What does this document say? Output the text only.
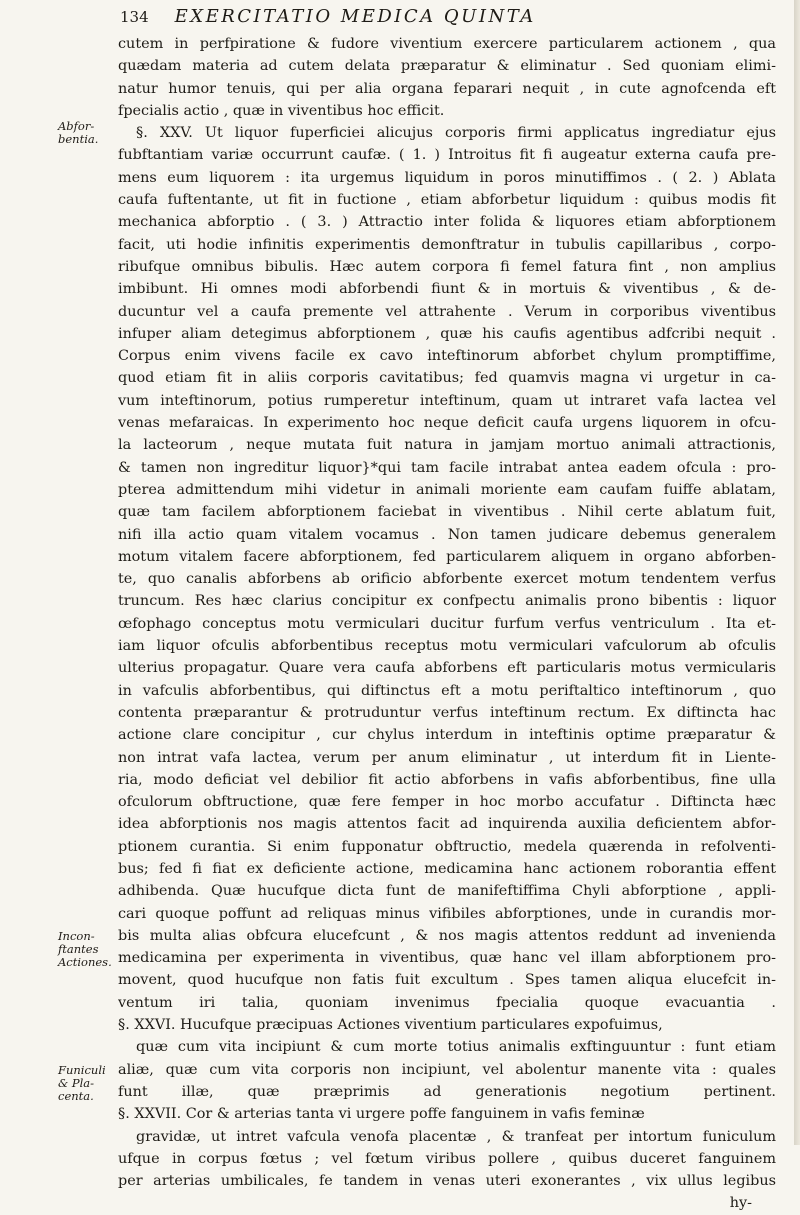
134 EXERCITATIO MEDICA QUINTA
Abfor-
bentia.
Incon-
ftantes
Actiones.
Funiculi
& Pla-
centa.
cutem in perfpiratione & fudore viventium exercere particularem actionem , qua
quædam materia ad cutem delata præparatur & eliminatur . Sed quoniam elimi-
natur humor tenuis, qui per alia organa feparari nequit , in cute agnofcenda eft
fpecialis actio , quæ in viventibus hoc efficit.
§. XXV. Ut liquor fuperficiei alicujus corporis firmi applicatus ingrediatur ejus
fubftantiam variæ occurrunt caufæ. ( 1. ) Introitus fit fi augeatur externa caufa pre-
mens eum liquorem : ita urgemus liquidum in poros minutiffimos . ( 2. ) Ablata
caufa fuftentante, ut fit in fuctione , etiam abforbetur liquidum : quibus modis fit
mechanica abforptio . ( 3. ) Attractio inter folida & liquores etiam abforptionem
facit, uti hodie infinitis experimentis demonftratur in tubulis capillaribus , corpo-
ribufque omnibus bibulis. Hæc autem corpora fi femel fatura fint , non amplius
imbibunt. Hi omnes modi abforbendi fiunt & in mortuis & viventibus , & de-
ducuntur vel a caufa premente vel attrahente . Verum in corporibus viventibus
infuper aliam detegimus abforptionem , quæ his caufis agentibus adfcribi nequit .
Corpus enim vivens facile ex cavo inteftinorum abforbet chylum promptiffime,
quod etiam fit in aliis corporis cavitatibus; fed quamvis magna vi urgetur in ca-
vum inteftinorum, potius rumperetur inteftinum, quam ut intraret vafa lactea vel
venas mefaraicas. In experimento hoc neque deficit caufa urgens liquorem in ofcu-
la lacteorum , neque mutata fuit natura in jamjam mortuo animali attractionis,
& tamen non ingreditur liquor}*qui tam facile intrabat antea eadem ofcula : pro-
pterea admittendum mihi videtur in animali moriente eam caufam fuiffe ablatam,
quæ tam facilem abforptionem faciebat in viventibus . Nihil certe ablatum fuit,
nifi illa actio quam vitalem vocamus . Non tamen judicare debemus generalem
motum vitalem facere abforptionem, fed particularem aliquem in organo abforben-
te, quo canalis abforbens ab orificio abforbente exercet motum tendentem verfus
truncum. Res hæc clarius concipitur ex confpectu animalis prono bibentis : liquor
œfophago conceptus motu vermiculari ducitur furfum verfus ventriculum . Ita et-
iam liquor ofculis abforbentibus receptus motu vermiculari vafculorum ab ofculis
ulterius propagatur. Quare vera caufa abforbens eft particularis motus vermicularis
in vafculis abforbentibus, qui diftinctus eft a motu periftaltico inteftinorum , quo
contenta præparantur & protruduntur verfus inteftinum rectum. Ex diftincta hac
actione clare concipitur , cur chylus interdum in inteftinis optime præparatur &
non intrat vafa lactea, verum per anum eliminatur , ut interdum fit in Liente-
ria, modo deficiat vel debilior fit actio abforbens in vafis abforbentibus, fine ulla
ofculorum obftructione, quæ fere femper in hoc morbo accufatur . Diftincta hæc
idea abforptionis nos magis attentos facit ad inquirenda auxilia deficientem abfor-
ptionem curantia. Si enim fupponatur obftructio, medela quærenda in refolventi-
bus; fed fi fiat ex deficiente actione, medicamina hanc actionem roborantia effent
adhibenda. Quæ hucufque dicta funt de manifeftiffima Chyli abforptione , appli-
cari quoque poffunt ad reliquas minus vifibiles abforptiones, unde in curandis mor-
bis multa alias obfcura elucefcunt , & nos magis attentos reddunt ad invenienda
medicamina per experimenta in viventibus, quæ hanc vel illam abforptionem pro-
movent, quod hucufque non fatis fuit excultum . Spes tamen aliqua elucefcit in-
ventum iri talia, quoniam invenimus fpecialia quoque evacuantia .
§. XXVI. Hucufque præcipuas Actiones viventium particulares expofuimus,
quæ cum vita incipiunt & cum morte totius animalis exftinguuntur : funt etiam
aliæ, quæ cum vita corporis non incipiunt, vel abolentur manente vita : quales
funt illæ, quæ præprimis ad generationis negotium pertinent.
§. XXVII. Cor & arterias tanta vi urgere poffe fanguinem in vafis feminæ
gravidæ, ut intret vafcula venofa placentæ , & tranfeat per intortum funiculum
ufque in corpus fœtus ; vel fœtum viribus pollere , quibus duceret fanguinem
per arterias umbilicales, fe tandem in venas uteri exonerantes , vix ullus legibus
hy-
